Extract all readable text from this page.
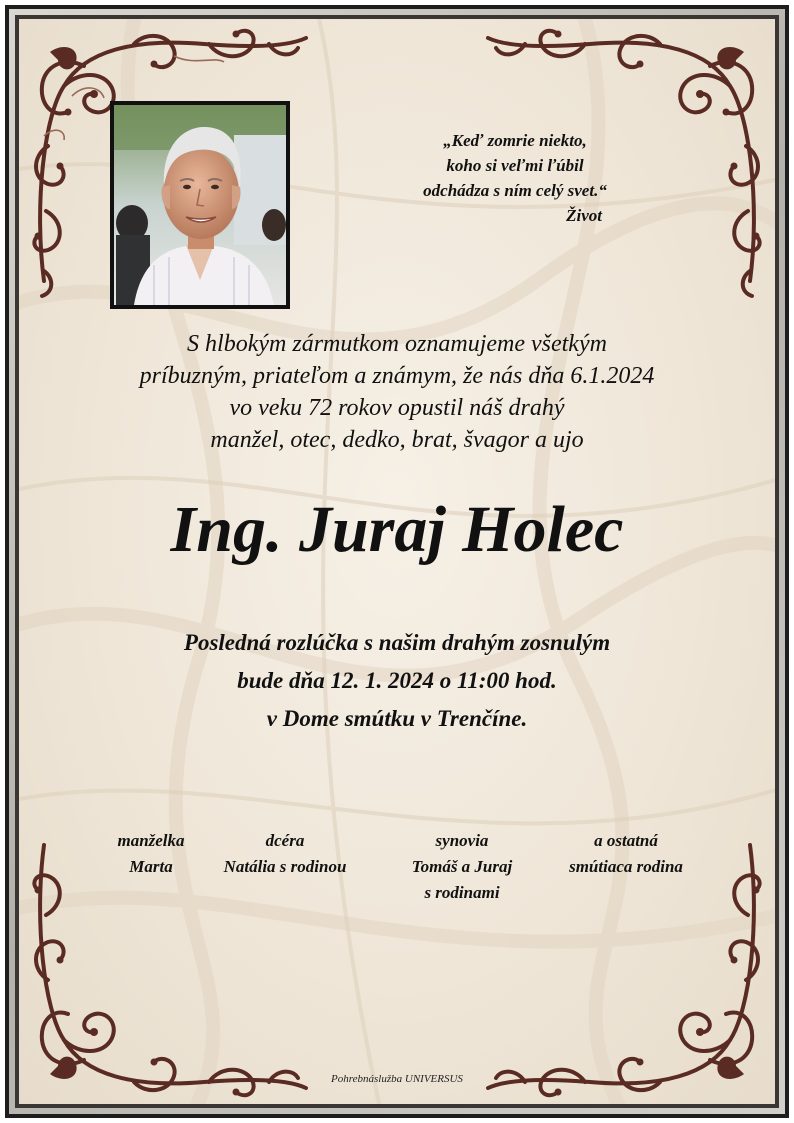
„Keď zomrie niekto,
koho si veľmi ľúbil
odchádza s ním celý svet.“
Život
S hlbokým zármutkom oznamujeme všetkým
príbuzným, priateľom a známym, že nás dňa 6.1.2024
vo veku 72 rokov opustil náš drahý
manžel, otec, dedko, brat, švagor a ujo
Ing. Juraj Holec
Posledná rozlúčka s našim drahým zosnulým
bude dňa 12. 1. 2024 o 11:00 hod.
v Dome smútku v Trenčíne.
manželka
Marta
dcéra
Natália s rodinou
synovia
Tomáš a Juraj
s rodinami
a ostatná
smútiaca rodina
Pohrebnáslužba UNIVERSUS
